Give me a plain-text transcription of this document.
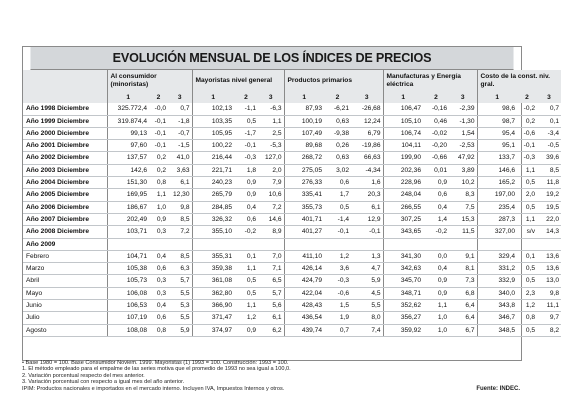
EVOLUCIÓN MENSUAL DE LOS ÍNDICES DE PRECIOS
	Al consumidor (minoristas)			Mayoristas nivel general			Productos primarios			Manufacturas y Energía eléctrica			Costo de la const. niv. gral.		
	1	2	3	1	2	3	1	2	3	1	2	3	1	2	3
Año 1998 Diciembre	325.772,4	-0,0	0,7	102,13	-1,1	-6,3	87,93	-6,21	-26,68	106,47	-0,16	-2,39	98,6	-0,2	0,7
Año 1999 Diciembre	319.874,4	-0,1	-1,8	103,35	0,5	1,1	100,19	0,63	12,24	105,10	0,46	-1,30	98,7	0,2	0,1
Año 2000 Diciembre	99,13	-0,1	-0,7	105,95	-1,7	2,5	107,49	-9,38	6,79	106,74	-0,02	1,54	95,4	-0,6	-3,4
Año 2001 Diciembre	97,60	-0,1	-1,5	100,22	-0,1	-5,3	89,68	0,26	-19,86	104,11	-0,20	-2,53	95,1	-0,1	-0,5
Año 2002 Diciembre	137,57	0,2	41,0	216,44	-0,3	127,0	268,72	0,63	66,63	199,90	-0,66	47,92	133,7	-0,3	39,6
Año 2003 Diciembre	142,6	0,2	3,63	221,71	1,8	2,0	275,05	3,02	-4,34	202,36	0,01	3,89	146,6	1,1	8,5
Año 2004 Diciembre	151,30	0,8	6,1	240,23	0,9	7,9	276,33	0,6	1,6	228,96	0,9	10,2	165,2	0,5	11,8
Año 2005 Diciembre	169,95	1,1	12,30	265,79	0,9	10,6	335,41	1,7	20,3	248,04	0,6	8,3	197,00	2,0	19,2
Año 2006 Diciembre	186,67	1,0	9,8	284,85	0,4	7,2	355,73	0,5	6,1	266,55	0,4	7,5	235,4	0,5	19,5
Año 2007 Diciembre	202,49	0,9	8,5	326,32	0,6	14,6	401,71	-1,4	12,9	307,25	1,4	15,3	287,3	1,1	22,0
Año 2008 Diciembre	103,71	0,3	7,2	355,10	-0,2	8,9	401,27	-0,1	-0,1	343,65	-0,2	11,5	327,00	s/v	14,3
Año 2009															
Febrero	104,71	0,4	8,5	355,31	0,1	7,0	411,10	1,2	1,3	341,30	0,0	9,1	329,4	0,1	13,6
Marzo	105,38	0,6	6,3	359,38	1,1	7,1	426,14	3,6	4,7	342,63	0,4	8,1	331,2	0,5	13,6
Abril	105,73	0,3	5,7	361,08	0,5	6,5	424,79	-0,3	5,9	345,70	0,9	7,3	332,9	0,5	13,0
Mayo	106,08	0,3	5,5	362,80	0,5	5,7	422,04	-0,6	4,5	348,71	0,9	6,8	340,0	2,3	9,8
Junio	106,53	0,4	5,3	366,90	1,1	5,6	428,43	1,5	5,5	352,62	1,1	6,4	343,8	1,2	11,1
Julio	107,19	0,6	5,5	371,47	1,2	6,1	436,54	1,9	8,0	356,27	1,0	6,4	346,7	0,8	9,7
Agosto	108,08	0,8	5,9	374,97	0,9	6,2	439,74	0,7	7,4	359,92	1,0	6,7	348,5	0,5	8,2
• Base 1980 = 100. Base Consumidor Noviem. 1999. Mayoristas (1) 1993 = 100. Construcción: 1993 = 100.
1. El método empleado para el empalme de las series motiva que el promedio de 1993 no sea igual a 100,0.
2. Variación porcentual respecto del mes anterior.
3. Variación porcentual con respecto a igual mes del año anterior.
IPIM: Productos nacionales e importados en el mercado interno. Incluyen IVA, Impuestos Internos y otros.	Fuente: INDEC.
